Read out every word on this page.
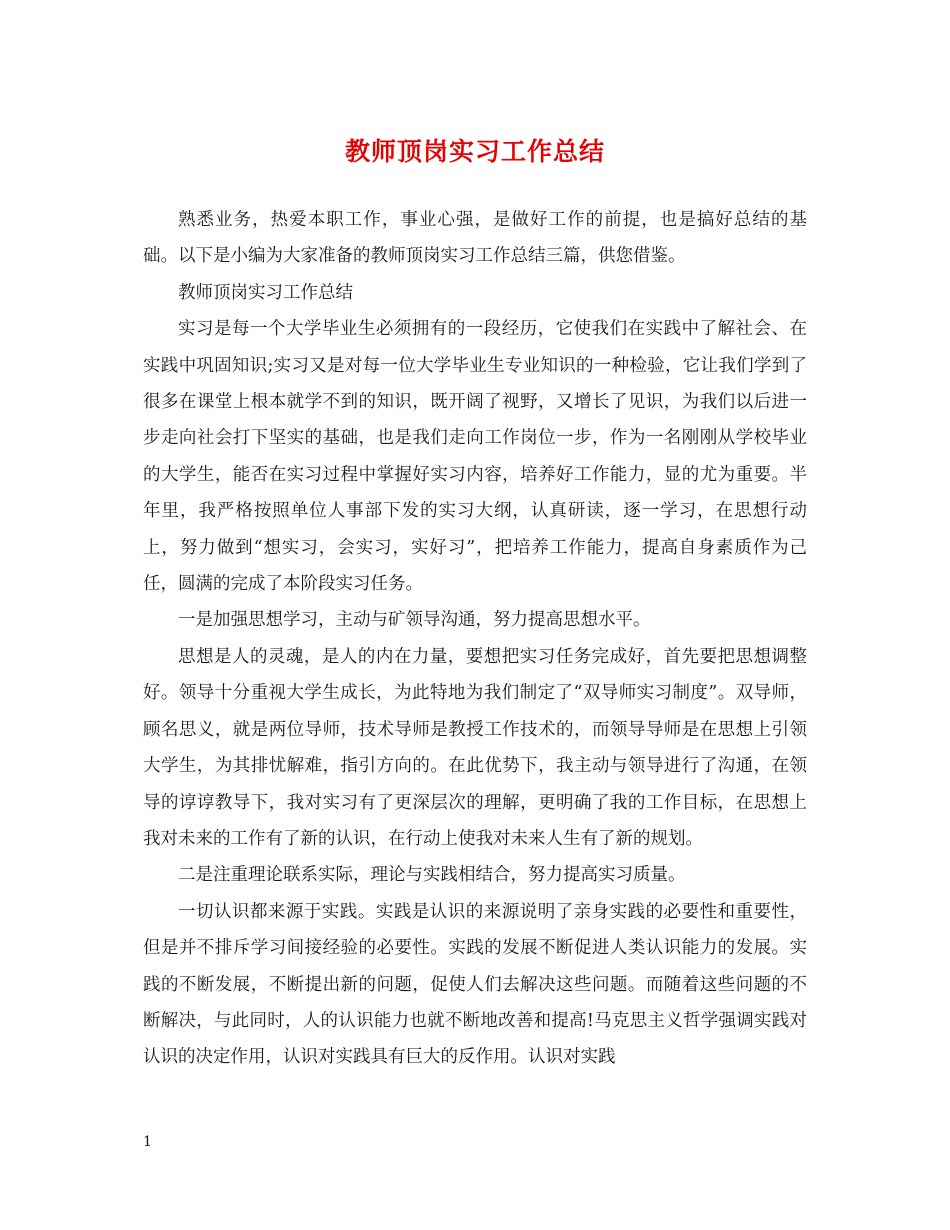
教师顶岗实习工作总结

熟悉业务，热爱本职工作，事业心强，是做好工作的前提，也是搞好总结的基础。以下是小编为大家准备的教师顶岗实习工作总结三篇，供您借鉴。

教师顶岗实习工作总结

实习是每一个大学毕业生必须拥有的一段经历，它使我们在实践中了解社会、在实践中巩固知识;实习又是对每一位大学毕业生专业知识的一种检验，它让我们学到了很多在课堂上根本就学不到的知识，既开阔了视野，又增长了见识，为我们以后进一步走向社会打下坚实的基础，也是我们走向工作岗位一步，作为一名刚刚从学校毕业的大学生，能否在实习过程中掌握好实习内容，培养好工作能力，显的尤为重要。半年里，我严格按照单位人事部下发的实习大纲，认真研读，逐一学习，在思想行动上，努力做到“想实习，会实习，实好习”，把培养工作能力，提高自身素质作为己任，圆满的完成了本阶段实习任务。

一是加强思想学习，主动与矿领导沟通，努力提高思想水平。

思想是人的灵魂，是人的内在力量，要想把实习任务完成好，首先要把思想调整好。领导十分重视大学生成长，为此特地为我们制定了“双导师实习制度”。双导师，顾名思义，就是两位导师，技术导师是教授工作技术的，而领导导师是在思想上引领大学生，为其排忧解难，指引方向的。在此优势下，我主动与领导进行了沟通，在领导的谆谆教导下，我对实习有了更深层次的理解，更明确了我的工作目标，在思想上我对未来的工作有了新的认识，在行动上使我对未来人生有了新的规划。

二是注重理论联系实际，理论与实践相结合，努力提高实习质量。

一切认识都来源于实践。实践是认识的来源说明了亲身实践的必要性和重要性，但是并不排斥学习间接经验的必要性。实践的发展不断促进人类认识能力的发展。实践的不断发展，不断提出新的问题，促使人们去解决这些问题。而随着这些问题的不断解决，与此同时，人的认识能力也就不断地改善和提高!马克思主义哲学强调实践对认识的决定作用，认识对实践具有巨大的反作用。认识对实践

1
